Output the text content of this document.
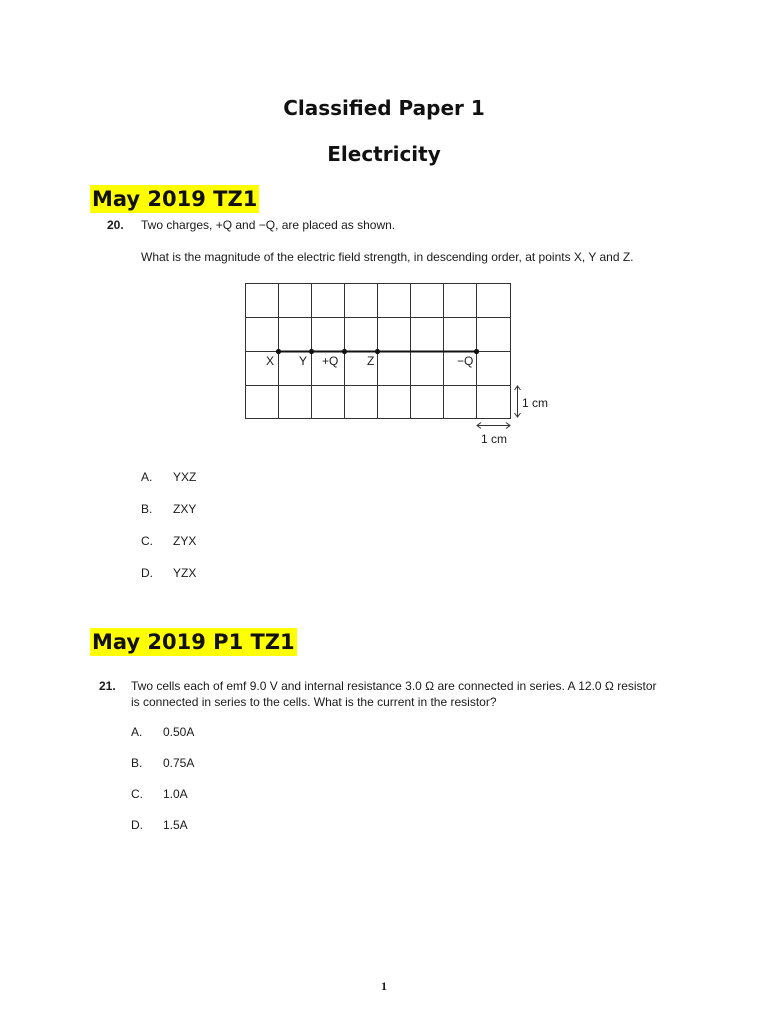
Classified Paper 1
Electricity
May 2019 TZ1
20. Two charges, +Q and −Q, are placed as shown.
What is the magnitude of the electric field strength, in descending order, at points X, Y and Z.
X Y +Q Z	−Q
1 cm
1 cm
A. YXZ
B. ZXY
C. ZYX
D. YZX
May 2019 P1 TZ1
21. Two cells each of emf 9.0 V and internal resistance 3.0 Ω are connected in series. A 12.0 Ω resistor
is connected in series to the cells. What is the current in the resistor?
A. 0.50A
B. 0.75A
C. 1.0A
D. 1.5A
1
